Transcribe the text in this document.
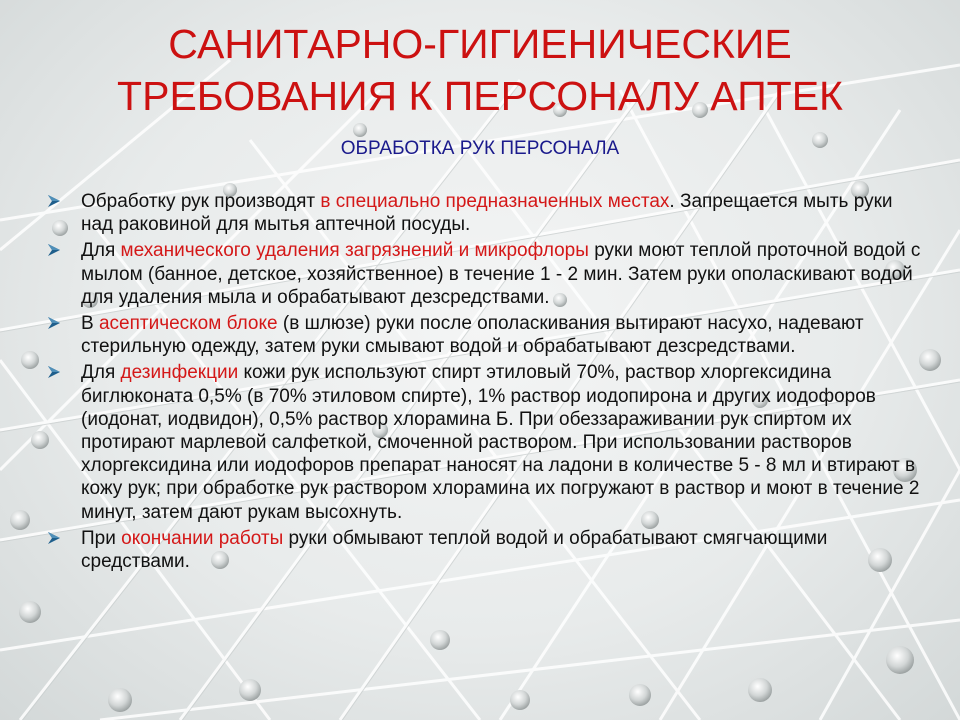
САНИТАРНО-ГИГИЕНИЧЕСКИЕ
ТРЕБОВАНИЯ К ПЕРСОНАЛУ АПТЕК
ОБРАБОТКА РУК ПЕРСОНАЛА
Обработку рук производят в специально предназначенных местах. Запрещается мыть руки над раковиной для мытья аптечной посуды.
Для механического удаления загрязнений и микрофлоры руки моют теплой проточной водой с мылом (банное, детское, хозяйственное) в течение 1 - 2 мин. Затем руки ополаскивают водой для удаления мыла и обрабатывают дезсредствами.
В асептическом блоке (в шлюзе) руки после ополаскивания вытирают насухо, надевают стерильную одежду, затем руки смывают водой и обрабатывают дезсредствами.
Для дезинфекции кожи рук используют спирт этиловый 70%, раствор хлоргексидина биглюконата 0,5% (в 70% этиловом спирте), 1% раствор иодопирона и других иодофоров (иодонат, иодвидон), 0,5% раствор хлорамина Б. При обеззараживании рук спиртом их протирают марлевой салфеткой, смоченной раствором. При использовании растворов хлоргексидина или иодофоров препарат наносят на ладони в количестве 5 - 8 мл и втирают в кожу рук; при обработке рук раствором хлорамина их погружают в раствор и моют в течение 2 минут, затем дают рукам высохнуть.
При окончании работы руки обмывают теплой водой и обрабатывают смягчающими средствами.
